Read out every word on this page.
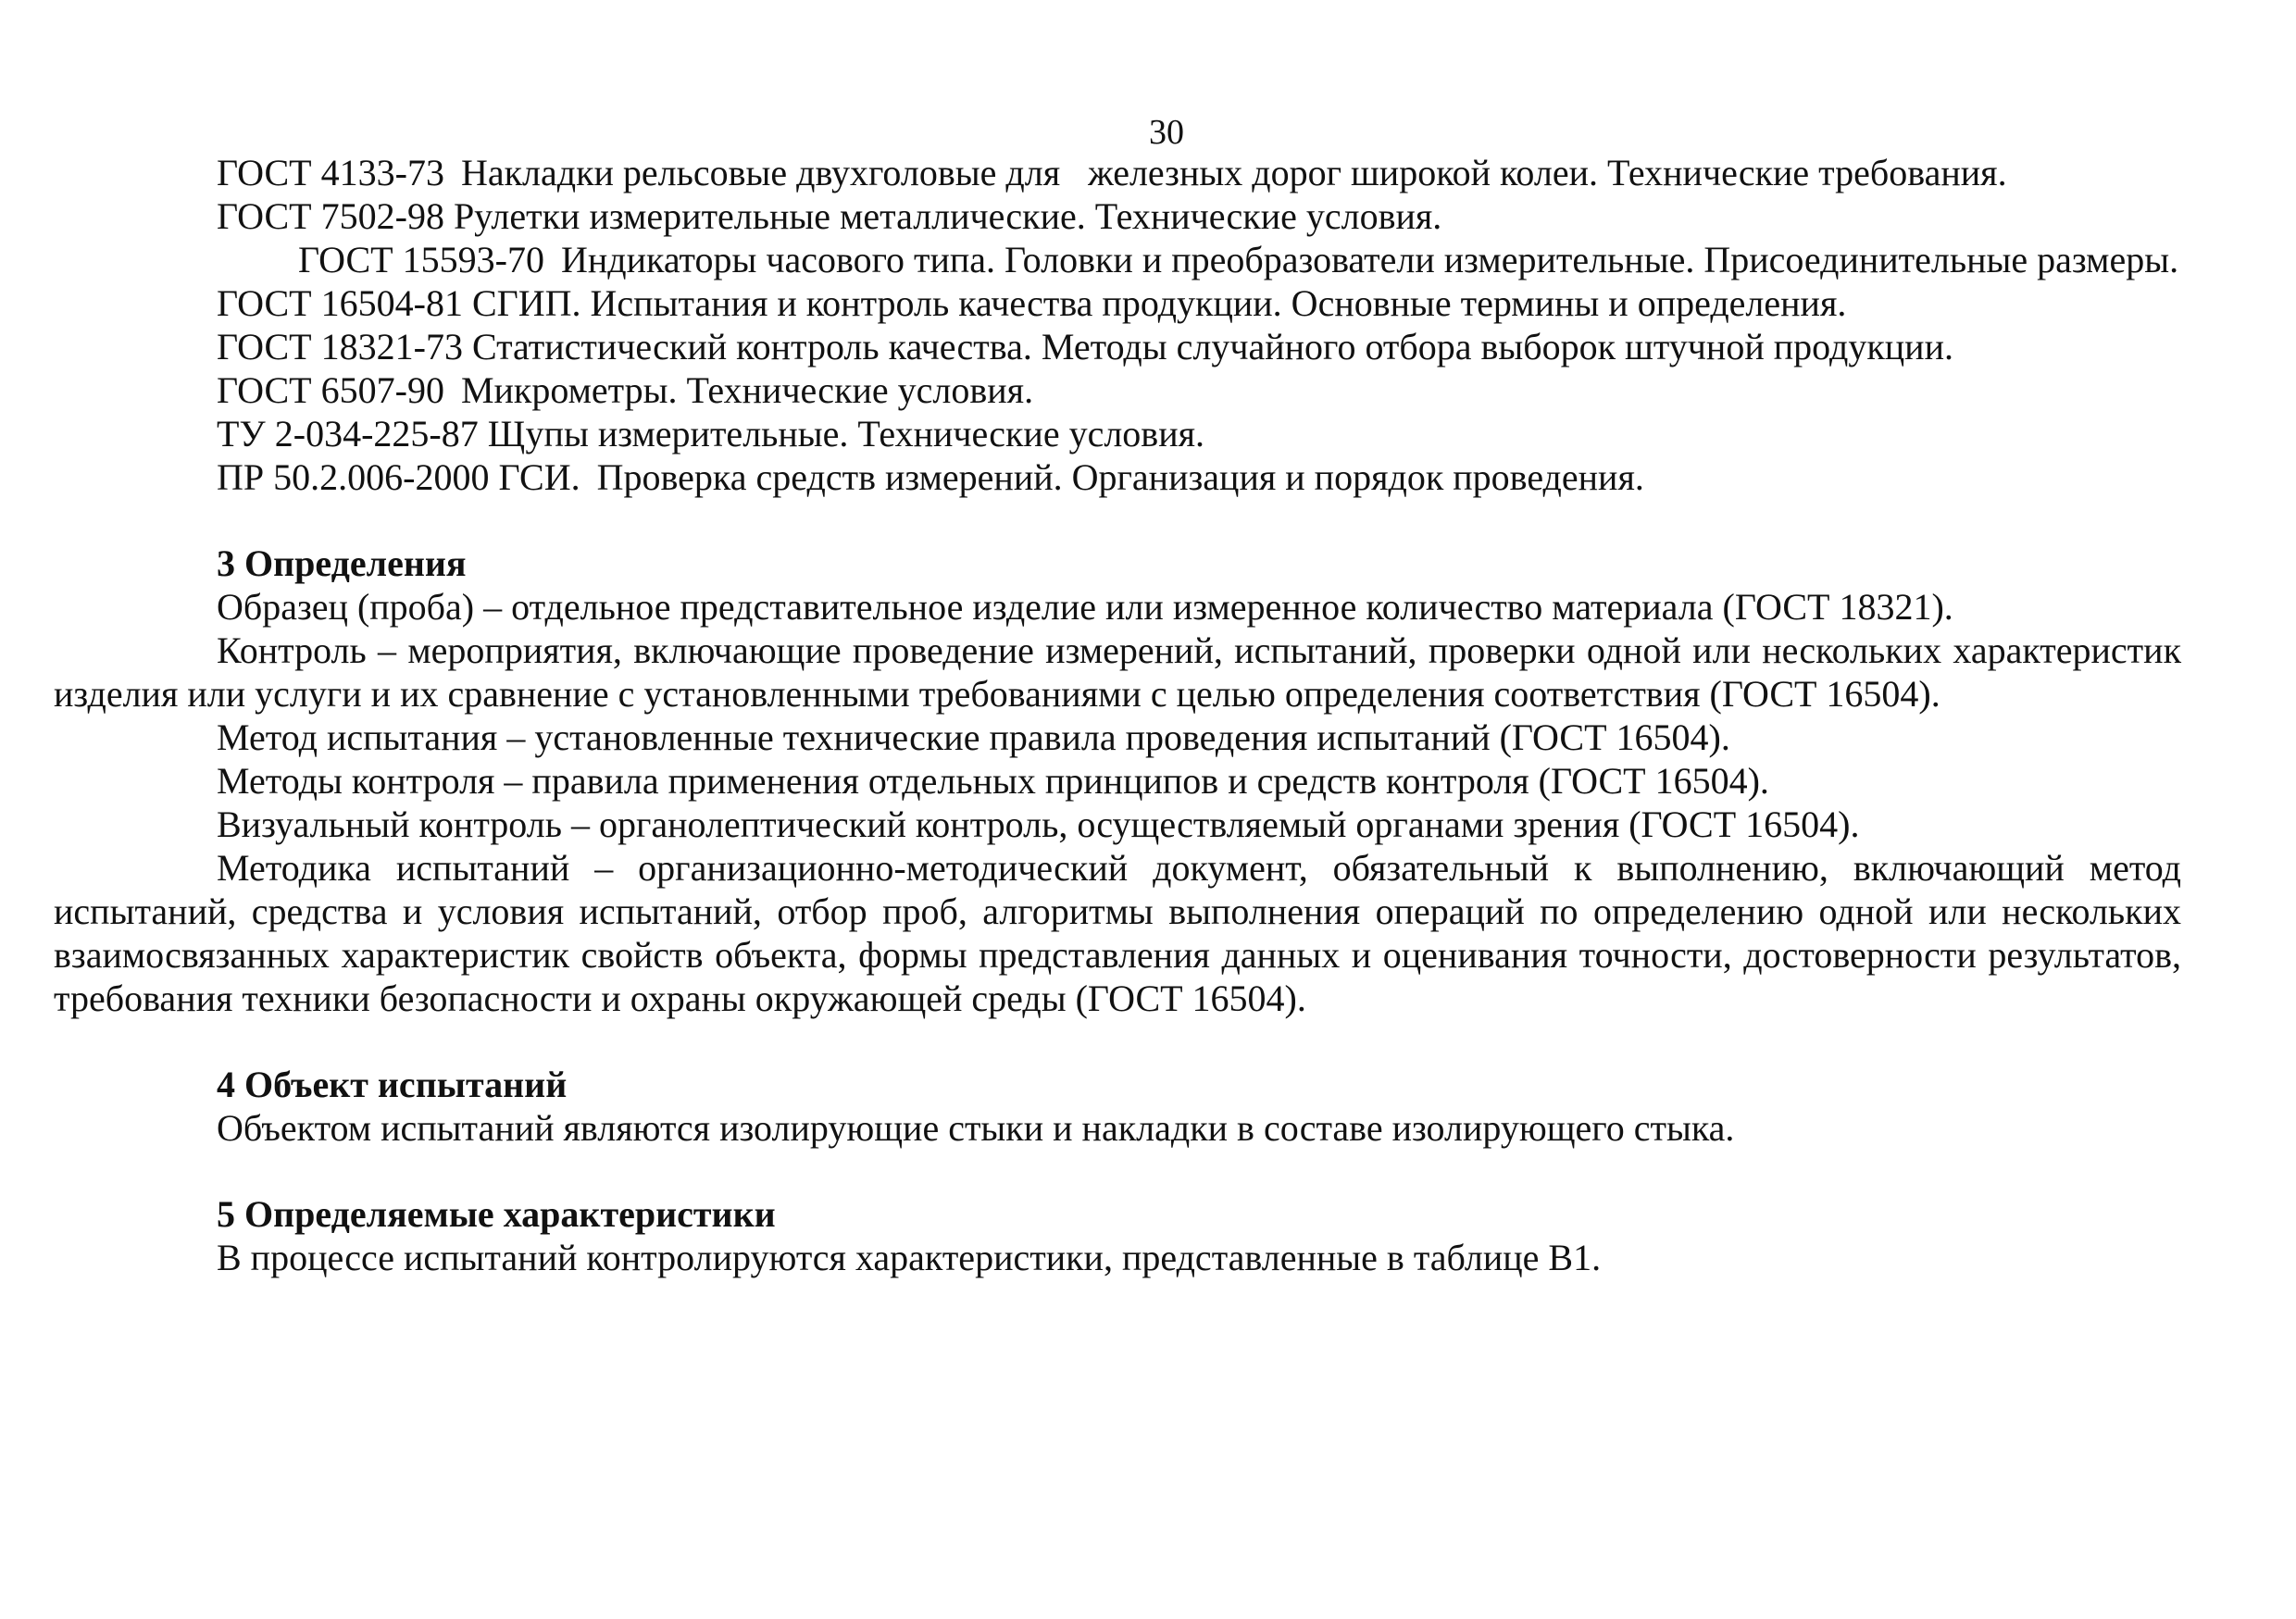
30
ГОСТ 4133-73 Накладки рельсовые двухголовые для   железных дорог широкой колеи. Технические требования.
ГОСТ 7502-98 Рулетки измерительные металлические. Технические условия.
ГОСТ 15593-70 Индикаторы часового типа. Головки и преобразователи измерительные. Присоединительные размеры.
ГОСТ 16504-81 СГИП. Испытания и контроль качества продукции. Основные термины и определения.
ГОСТ 18321-73 Статистический контроль качества. Методы случайного отбора выборок штучной продукции.
ГОСТ 6507-90 Микрометры. Технические условия.
ТУ 2-034-225-87 Щупы измерительные. Технические условия.
ПР 50.2.006-2000 ГСИ. Проверка средств измерений. Организация и порядок проведения.
3 Определения
Образец (проба) – отдельное представительное изделие или измеренное количество материала (ГОСТ 18321).
Контроль – мероприятия, включающие проведение измерений, испытаний, проверки одной или нескольких характеристик изделия или услуги и их сравнение с установленными требованиями с целью определения соответствия (ГОСТ 16504).
Метод испытания – установленные технические правила проведения испытаний (ГОСТ 16504).
Методы контроля – правила применения отдельных принципов и средств контроля (ГОСТ 16504).
Визуальный контроль – органолептический контроль, осуществляемый органами зрения (ГОСТ 16504).
Методика испытаний – организационно-методический документ, обязательный к выполнению, включающий метод испытаний, средства и условия испытаний, отбор проб, алгоритмы выполнения операций по определению одной или нескольких взаимосвязанных характеристик свойств объекта, формы представления данных и оценивания точности, достоверности результатов, требования техники безопасности и охраны окружающей среды (ГОСТ 16504).
4 Объект испытаний
Объектом испытаний являются изолирующие стыки и накладки в составе изолирующего стыка.
5 Определяемые характеристики
В процессе испытаний контролируются характеристики, представленные в таблице В1.
